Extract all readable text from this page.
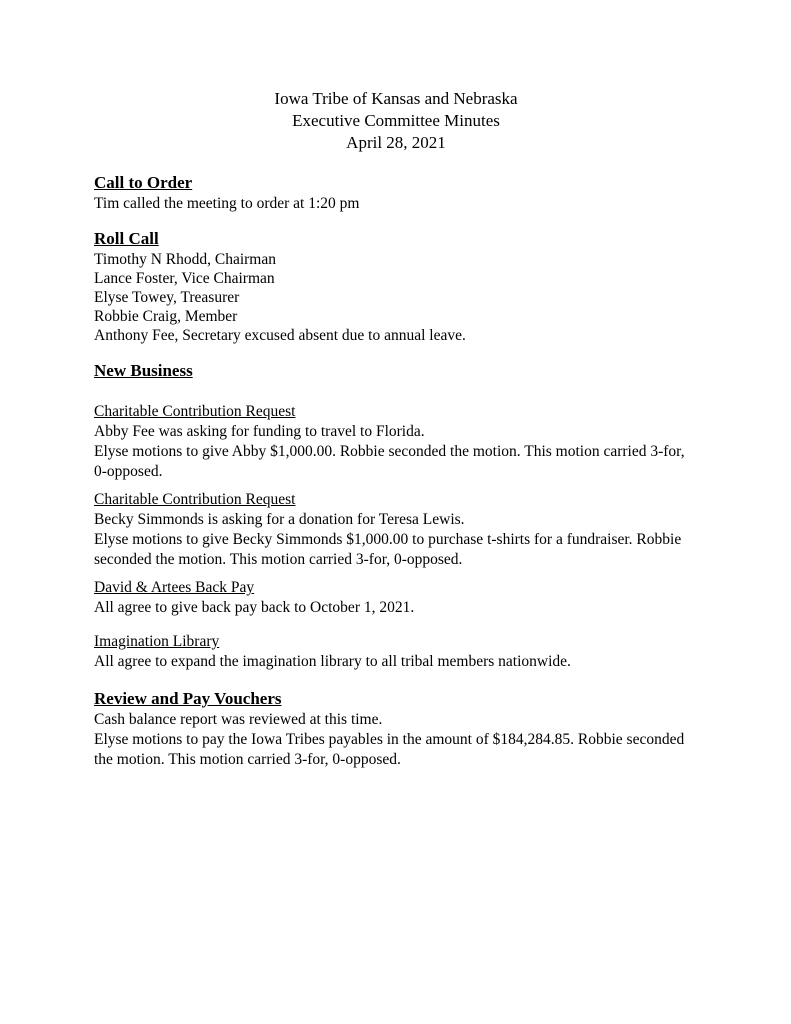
Iowa Tribe of Kansas and Nebraska
Executive Committee Minutes
April 28, 2021
Call to Order

Tim called the meeting to order at 1:20 pm

Roll Call
Timothy N Rhodd, Chairman
Lance Foster, Vice Chairman
Elyse Towey, Treasurer
Robbie Craig, Member

Anthony Fee, Secretary excused absent due to annual leave.

New Business
Charitable Contribution Request

Abby Fee was asking for funding to travel to Florida.

Elyse motions to give Abby $1,000.00. Robbie seconded the motion. This motion carried 3-for, 0-opposed.

Charitable Contribution Request

Becky Simmonds is asking for a donation for Teresa Lewis.

Elyse motions to give Becky Simmonds $1,000.00 to purchase t-shirts for a fundraiser. Robbie seconded the motion. This motion carried 3-for, 0-opposed.

David & Artees Back Pay

All agree to give back pay back to October 1, 2021.

Imagination Library

All agree to expand the imagination library to all tribal members nationwide.

Review and Pay Vouchers

Cash balance report was reviewed at this time.

Elyse motions to pay the Iowa Tribes payables in the amount of $184,284.85. Robbie seconded the motion. This motion carried 3-for, 0-opposed.
